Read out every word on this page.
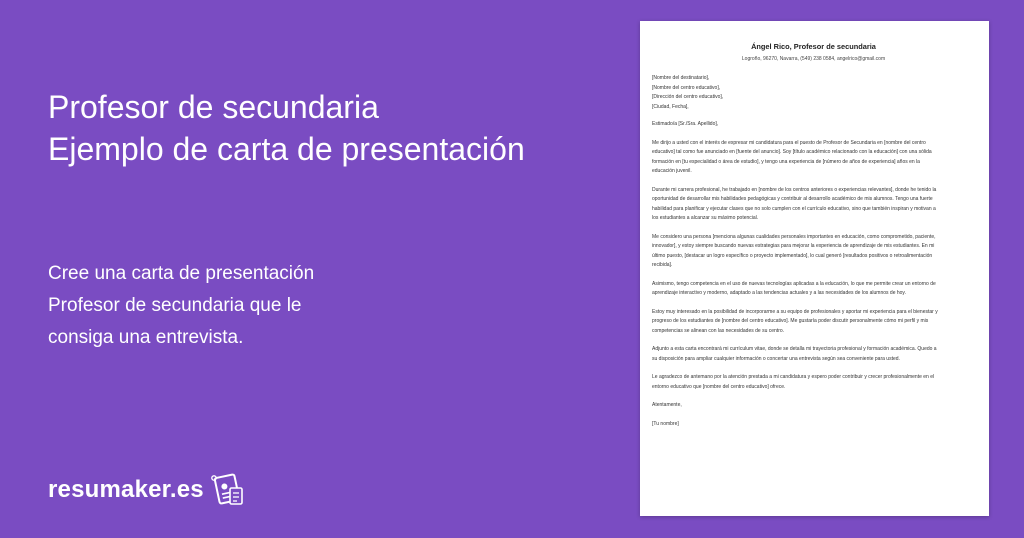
Profesor de secundaria
Ejemplo de carta de presentación
Cree una carta de presentación
Profesor de secundaria que le
consiga una entrevista.
resumaker.es
Ángel Rico, Profesor de secundaria
Logroño, 96270, Navarra, (549) 238 0584, angelrico@gmail.com
[Nombre del destinatario],
[Nombre del centro educativo],
[Dirección del centro educativo],
[Ciudad, Fecha],
Estimado/a [Sr./Sra. Apellido],
Me dirijo a usted con el interés de expresar mi candidatura para el puesto de Profesor de Secundaria en [nombre del centro
educativo] tal como fue anunciado en [fuente del anuncio]. Soy [título académico relacionado con la educación] con una sólida
formación en [tu especialidad o área de estudio], y tengo una experiencia de [número de años de experiencia] años en la
educación juvenil.
Durante mi carrera profesional, he trabajado en [nombre de los centros anteriores o experiencias relevantes], donde he tenido la
oportunidad de desarrollar mis habilidades pedagógicas y contribuir al desarrollo académico de mis alumnos. Tengo una fuerte
habilidad para planificar y ejecutar clases que no solo cumplen con el currículo educativo, sino que también inspiran y motivan a
los estudiantes a alcanzar su máximo potencial.
Me considero una persona [menciona algunas cualidades personales importantes en educación, como comprometido, paciente,
innovador], y estoy siempre buscando nuevas estrategias para mejorar la experiencia de aprendizaje de mis estudiantes. En mi
último puesto, [destacar un logro específico o proyecto implementado], lo cual generó [resultados positivos o retroalimentación
recibida].
Asimismo, tengo competencia en el uso de nuevas tecnologías aplicadas a la educación, lo que me permite crear un entorno de
aprendizaje interactivo y moderno, adaptado a las tendencias actuales y a las necesidades de los alumnos de hoy.
Estoy muy interesado en la posibilidad de incorporarme a su equipo de profesionales y aportar mi experiencia para el bienestar y
progreso de los estudiantes de [nombre del centro educativo]. Me gustaría poder discutir personalmente cómo mi perfil y mis
competencias se alinean con las necesidades de su centro.
Adjunto a esta carta encontrará mi currículum vitae, donde se detalla mi trayectoria profesional y formación académica. Quedo a
su disposición para ampliar cualquier información o concertar una entrevista según sea conveniente para usted.
Le agradezco de antemano por la atención prestada a mi candidatura y espero poder contribuir y crecer profesionalmente en el
entorno educativo que [nombre del centro educativo] ofrece.
Atentamente,
[Tu nombre]
